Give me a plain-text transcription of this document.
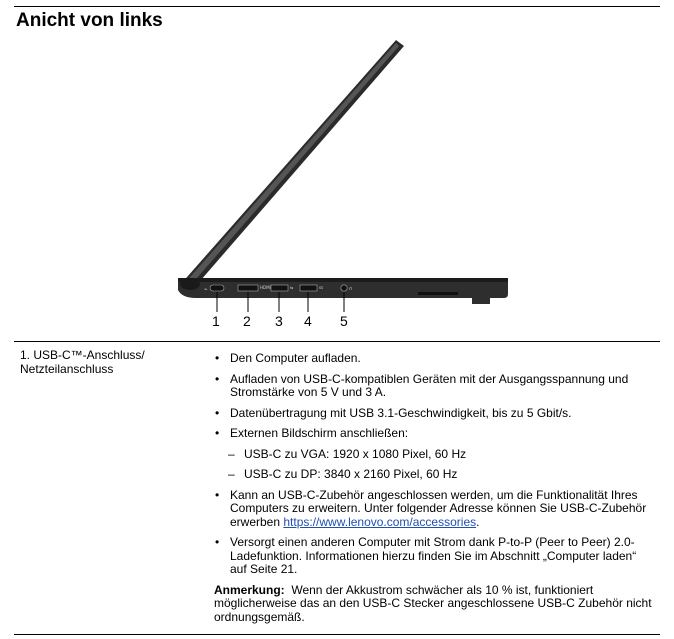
Anicht von links
⌁	HDMI	⇆	ss	∩
1 2 3 4 5
1. USB-C™-Anschluss/ Netzteilanschluss
• Den Computer aufladen.
• Aufladen von USB-C-kompatiblen Geräten mit der Ausgangsspannung und Stromstärke von 5 V und 3 A.
• Datenübertragung mit USB 3.1-Geschwindigkeit, bis zu 5 Gbit/s.
• Externen Bildschirm anschließen:
– USB-C zu VGA: 1920 x 1080 Pixel, 60 Hz
– USB-C zu DP: 3840 x 2160 Pixel, 60 Hz
• Kann an USB-C-Zubehör angeschlossen werden, um die Funktionalität Ihres Computers zu erweitern. Unter folgender Adresse können Sie USB-C-Zubehör erwerben https://www.lenovo.com/accessories.
• Versorgt einen anderen Computer mit Strom dank P-to-P (Peer to Peer) 2.0-Ladefunktion. Informationen hierzu finden Sie im Abschnitt „Computer laden“ auf Seite 21.
Anmerkung: Wenn der Akkustrom schwächer als 10 % ist, funktioniert möglicherweise das an den USB-C Stecker angeschlossene USB-C Zubehör nicht ordnungsgemäß.
